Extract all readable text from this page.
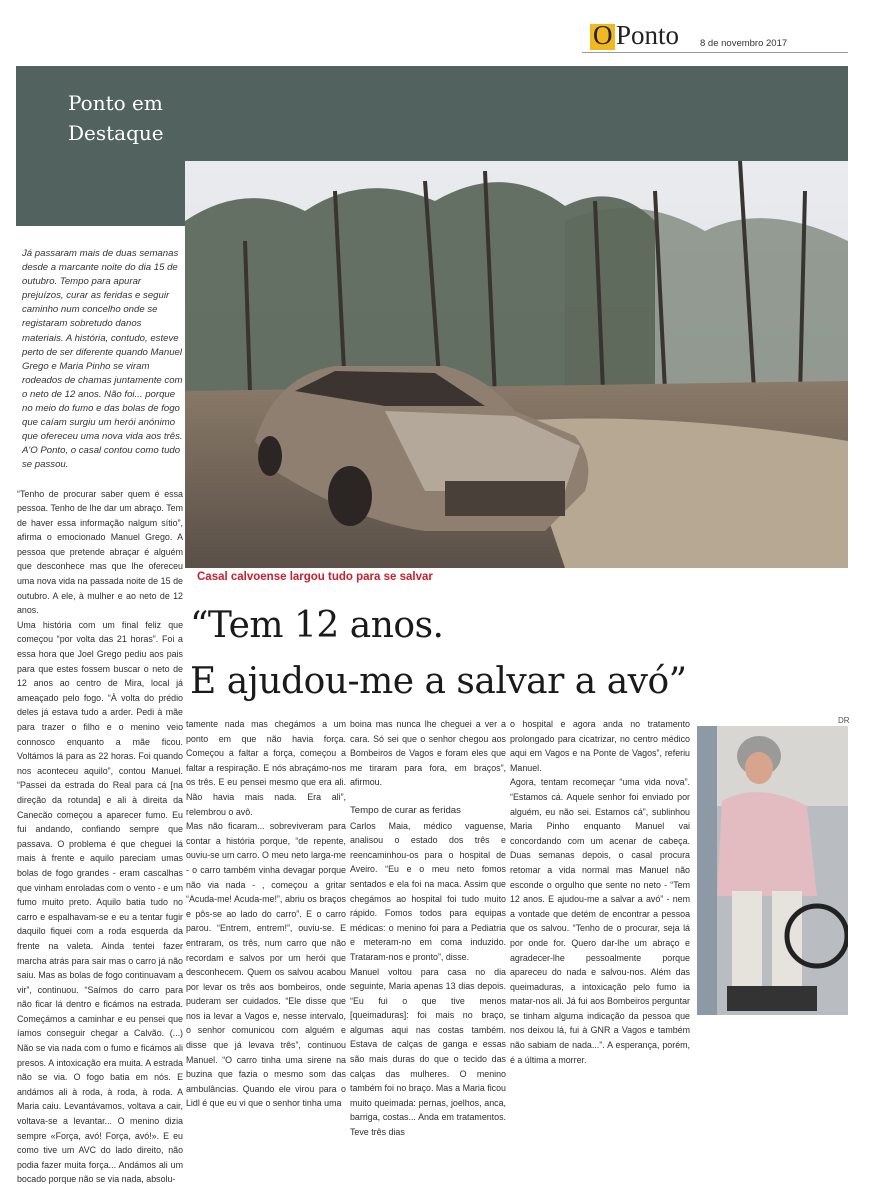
O Ponto 8 de novembro 2017
Ponto em
Destaque
Casal calvoense largou tudo para se salvar
“Tem 12 anos.
E ajudou-me a salvar a avó”
Já passaram mais de duas semanas desde a marcante noite do dia 15 de outubro. Tempo para apurar prejuízos, curar as feridas e seguir caminho num concelho onde se registaram sobretudo danos materiais. A história, contudo, esteve perto de ser diferente quando Manuel Grego e Maria Pinho se viram rodeados de chamas juntamente com o neto de 12 anos. Não foi... porque no meio do fumo e das bolas de fogo que caíam surgiu um herói anónimo que ofereceu uma nova vida aos três. A'O Ponto, o casal contou como tudo se passou.

“Tenho de procurar saber quem é essa pessoa. Tenho de lhe dar um abraço. Tem de haver essa informação nalgum sítio”, afirma o emocionado Manuel Grego. A pessoa que pretende abraçar é alguém que desconhece mas que lhe ofereceu uma nova vida na passada noite de 15 de outubro. A ele, à mulher e ao neto de 12 anos.

Uma história com um final feliz que começou “por volta das 21 horas”. Foi a essa hora que Joel Grego pediu aos pais para que estes fossem buscar o neto de 12 anos ao centro de Mira, local já ameaçado pelo fogo. “À volta do prédio deles já estava tudo a arder. Pedi à mãe para trazer o filho e o menino veio connosco enquanto a mãe ficou. Voltámos lá para as 22 horas. Foi quando nos aconteceu aquilo”, contou Manuel. “Passei da estrada do Real para cá [na direção da rotunda] e ali à direita da Canecão começou a aparecer fumo. Eu fui andando, confiando sempre que passava. O problema é que cheguei lá mais à frente e aquilo pareciam umas bolas de fogo grandes - eram cascalhas que vinham enroladas com o vento - e um fumo muito preto. Aquilo batia tudo no carro e espalhavam-se e eu a tentar fugir daquilo fiquei com a roda esquerda da frente na valeta. Ainda tentei fazer marcha atrás para sair mas o carro já não saiu. Mas as bolas de fogo continuavam a vir”, continuou. “Saímos do carro para não ficar lá dentro e ficámos na estrada. Começámos a caminhar e eu pensei que íamos conseguir chegar a Calvão. (...) Não se via nada com o fumo e ficámos ali presos. A intoxicação era muita. A estrada não se via. O fogo batia em nós. E andámos ali à roda, à roda, à roda. A Maria caiu. Levantávamos, voltava a cair, voltava-se a levantar... O menino dizia sempre «Força, avó! Força, avó!». E eu como tive um AVC do lado direito, não podia fazer muita força... Andámos ali um bocado porque não se via nada, absolu-

tamente nada mas chegámos a um ponto em que não havia força. Começou a faltar a força, começou a faltar a respiração. E nós abraçámo-nos os três. E eu pensei mesmo que era ali. Não havia mais nada. Era ali”, relembrou o avô.

Mas não ficaram... sobreviveram para contar a história porque, “de repente, ouviu-se um carro. O meu neto larga-me - o carro também vinha devagar porque não via nada - , começou a gritar “Acuda-me! Acuda-me!”, abriu os braços e pôs-se ao lado do carro”. E o carro parou. “Entrem, entrem!”, ouviu-se. E entraram, os três, num carro que não recordam e salvos por um herói que desconhecem. Quem os salvou acabou por levar os três aos bombeiros, onde puderam ser cuidados. “Ele disse que nos ia levar a Vagos e, nesse intervalo, o senhor comunicou com alguém e disse que já levava três”, continuou Manuel. “O carro tinha uma sirene na buzina que fazia o mesmo som das ambulâncias. Quando ele virou para o Lidl é que eu vi que o senhor tinha uma

boina mas nunca lhe cheguei a ver a cara. Só sei que o senhor chegou aos Bombeiros de Vagos e foram eles que me tiraram para fora, em braços”, afirmou.

Tempo de curar as feridas

Carlos Maia, médico vaguense, analisou o estado dos três e reencaminhou-os para o hospital de Aveiro. “Eu e o meu neto fomos sentados e ela foi na maca. Assim que chegámos ao hospital foi tudo muito rápido. Fomos todos para equipas médicas: o menino foi para a Pediatria e meteram-no em coma induzido. Trataram-nos e pronto”, disse.

Manuel voltou para casa no dia seguinte, Maria apenas 13 dias depois. “Eu fui o que tive menos [queimaduras]: foi mais no braço, algumas aqui nas costas também. Estava de calças de ganga e essas são mais duras do que o tecido das calças das mulheres. O menino também foi no braço. Mas a Maria ficou muito queimada: pernas, joelhos, anca, barriga, costas... Anda em tratamentos. Teve três dias

o hospital e agora anda no tratamento prolongado para cicatrizar, no centro médico aqui em Vagos e na Ponte de Vagos”, referiu Manuel.

Agora, tentam recomeçar “uma vida nova”. “Estamos cá. Aquele senhor foi enviado por alguém, eu não sei. Estamos cá”, sublinhou Maria Pinho enquanto Manuel vai concordando com um acenar de cabeça. Duas semanas depois, o casal procura retomar a vida normal mas Manuel não esconde o orgulho que sente no neto - “Tem 12 anos. E ajudou-me a salvar a avó” - nem a vontade que detém de encontrar a pessoa que os salvou. “Tenho de o procurar, seja lá por onde for. Quero dar-lhe um abraço e agradecer-lhe pessoalmente porque apareceu do nada e salvou-nos. Além das queimaduras, a intoxicação pelo fumo ia matar-nos ali. Já fui aos Bombeiros perguntar se tinham alguma indicação da pessoa que nos deixou lá, fui à GNR a Vagos e também não sabiam de nada...”. A esperança, porém, é a última a morrer.

DR
